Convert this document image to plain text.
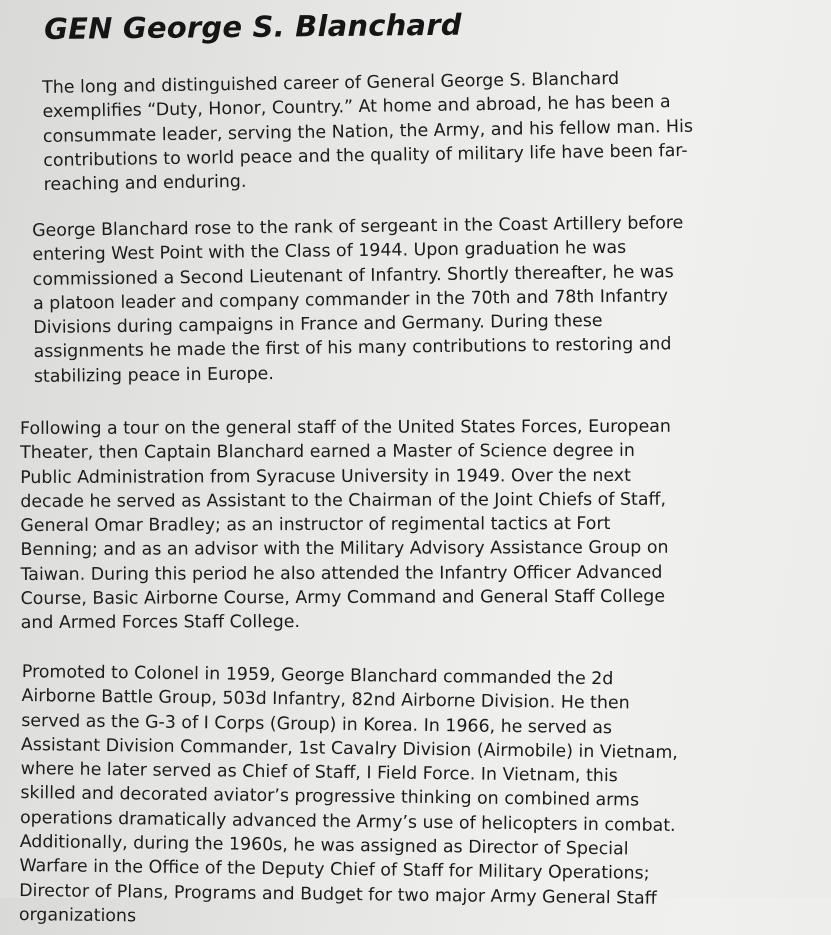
GEN George S. Blanchard
The long and distinguished career of General George S. Blanchard
exemplifies “Duty, Honor, Country.” At home and abroad, he has been a
consummate leader, serving the Nation, the Army, and his fellow man. His
contributions to world peace and the quality of military life have been far-
reaching and enduring.
George Blanchard rose to the rank of sergeant in the Coast Artillery before
entering West Point with the Class of 1944. Upon graduation he was
commissioned a Second Lieutenant of Infantry. Shortly thereafter, he was
a platoon leader and company commander in the 70th and 78th Infantry
Divisions during campaigns in France and Germany. During these
assignments he made the first of his many contributions to restoring and
stabilizing peace in Europe.
Following a tour on the general staff of the United States Forces, European
Theater, then Captain Blanchard earned a Master of Science degree in
Public Administration from Syracuse University in 1949. Over the next
decade he served as Assistant to the Chairman of the Joint Chiefs of Staff,
General Omar Bradley; as an instructor of regimental tactics at Fort
Benning; and as an advisor with the Military Advisory Assistance Group on
Taiwan. During this period he also attended the Infantry Officer Advanced
Course, Basic Airborne Course, Army Command and General Staff College
and Armed Forces Staff College.
Promoted to Colonel in 1959, George Blanchard commanded the 2d
Airborne Battle Group, 503d Infantry, 82nd Airborne Division. He then
served as the G-3 of I Corps (Group) in Korea. In 1966, he served as
Assistant Division Commander, 1st Cavalry Division (Airmobile) in Vietnam,
where he later served as Chief of Staff, I Field Force. In Vietnam, this
skilled and decorated aviator’s progressive thinking on combined arms
operations dramatically advanced the Army’s use of helicopters in combat.
Additionally, during the 1960s, he was assigned as Director of Special
Warfare in the Office of the Deputy Chief of Staff for Military Operations;
Director of Plans, Programs and Budget for two major Army General Staff
organizations
